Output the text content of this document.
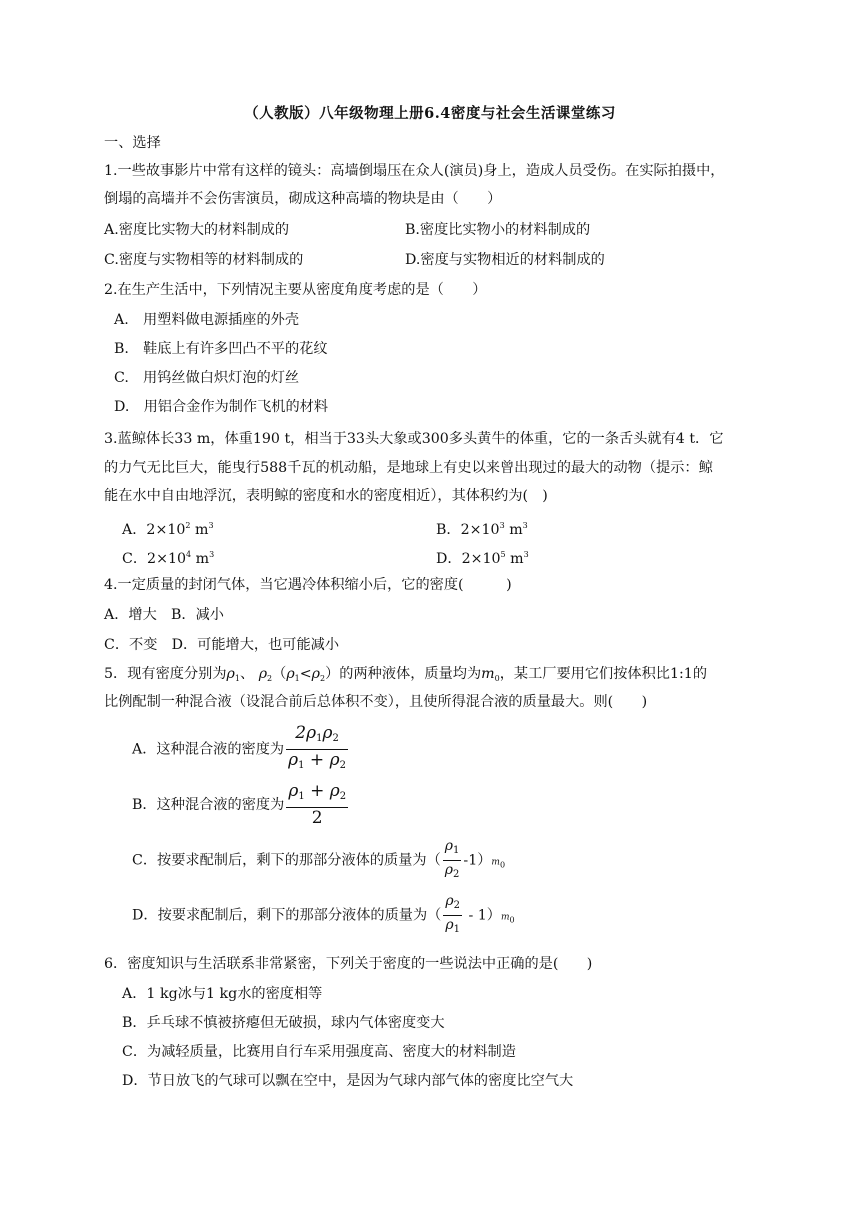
（人教版）八年级物理上册6.4密度与社会生活课堂练习
一、选择
1.一些故事影片中常有这样的镜头：高墙倒塌压在众人(演员)身上，造成人员受伤。在实际拍摄中，
倒塌的高墙并不会伤害演员，砌成这种高墙的物块是由（　　）
A.密度比实物大的材料制成的	B.密度比实物小的材料制成的
C.密度与实物相等的材料制成的	D.密度与实物相近的材料制成的
2.在生产生活中，下列情况主要从密度角度考虑的是（　　）
A.　用塑料做电源插座的外壳
B.　鞋底上有许多凹凸不平的花纹
C.　用钨丝做白炽灯泡的灯丝
D.　用铝合金作为制作飞机的材料
3.蓝鲸体长33 m，体重190 t，相当于33头大象或300多头黄牛的体重，它的一条舌头就有4 t．它
的力气无比巨大，能曳行588千瓦的机动船，是地球上有史以来曾出现过的最大的动物（提示：鲸
能在水中自由地浮沉，表明鲸的密度和水的密度相近），其体积约为(　)
A．$2\times 10^2$ $m^3$	B．$2\times 10^3$ $m^3$
C．$2\times 10^4$ $m^3$	D．$2\times 10^5$ $m^3$
4.一定质量的封闭气体，当它遇冷体积缩小后，它的密度(　　　)
A．增大　B．减小
C．不变　D．可能增大，也可能减小
5．现有密度分别为$\rho_1$、 $\rho_2(\rho_1<\rho_2)$的两种液体，质量均为$m_0$，某工厂要用它们按体积比1:1的
比例配制一种混合液（设混合前后总体积不变），且使所得混合液的质量最大。则(　　)
A．这种混合液的密度为 $\frac{2\rho 1\rho 2}{\rho 1 + \rho 2}$
B．这种混合液的密度为 $\frac{\rho 1 + \rho 2}{2}$
C．按要求配制后，剩下的那部分液体的质量为（ $\frac{\rho_1}{\rho_2} -1)m_0$
D．按要求配制后，剩下的那部分液体的质量为（ $\frac{\rho_2}{\rho_1} - 1)m_0$
6．密度知识与生活联系非常紧密，下列关于密度的一些说法中正确的是(　　)
A．1 kg冰与1 kg水的密度相等
B．乒乓球不慎被挤瘪但无破损，球内气体密度变大
C．为减轻质量，比赛用自行车采用强度高、密度大的材料制造
D．节日放飞的气球可以飘在空中，是因为气球内部气体的密度比空气大
